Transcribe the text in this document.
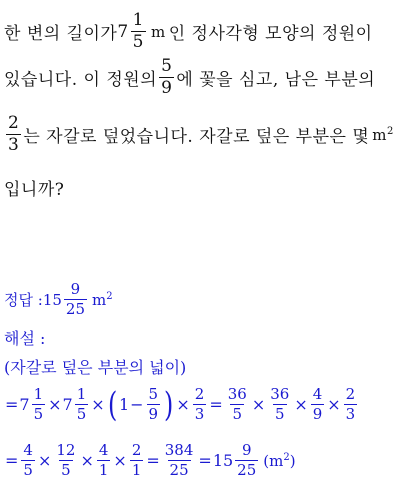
한 변의 길이가 $7 \frac{1}{5}$ m 인 정사각형 모양의 정원이
있습니다. 이 정원의 $\frac{5}{9}$ 에 꽃을 심고, 남은 부분의
$\frac{2}{3}$ 는 자갈로 덮었습니다. 자갈로 덮은 부분은 몇 $m^2$
입니까?
정답 : $15 \frac{9}{25} m^2$
해설 :
(자갈로 덮은 부분의 넓이)
= $7 \frac{1}{5} \times 7 \frac{1}{5}$ × ( $1 - \frac{5}{9}$ ) × $\frac{2}{3} = \frac{36}{5} \times \frac{36}{5} \times \frac{4}{9} \times \frac{2}{3}$
= $\frac{4}{5} \times \frac{12}{5} \times \frac{4}{1} \times \frac{2}{1} = \frac{384}{25} = 15 \frac{9}{25} (m^2)$
